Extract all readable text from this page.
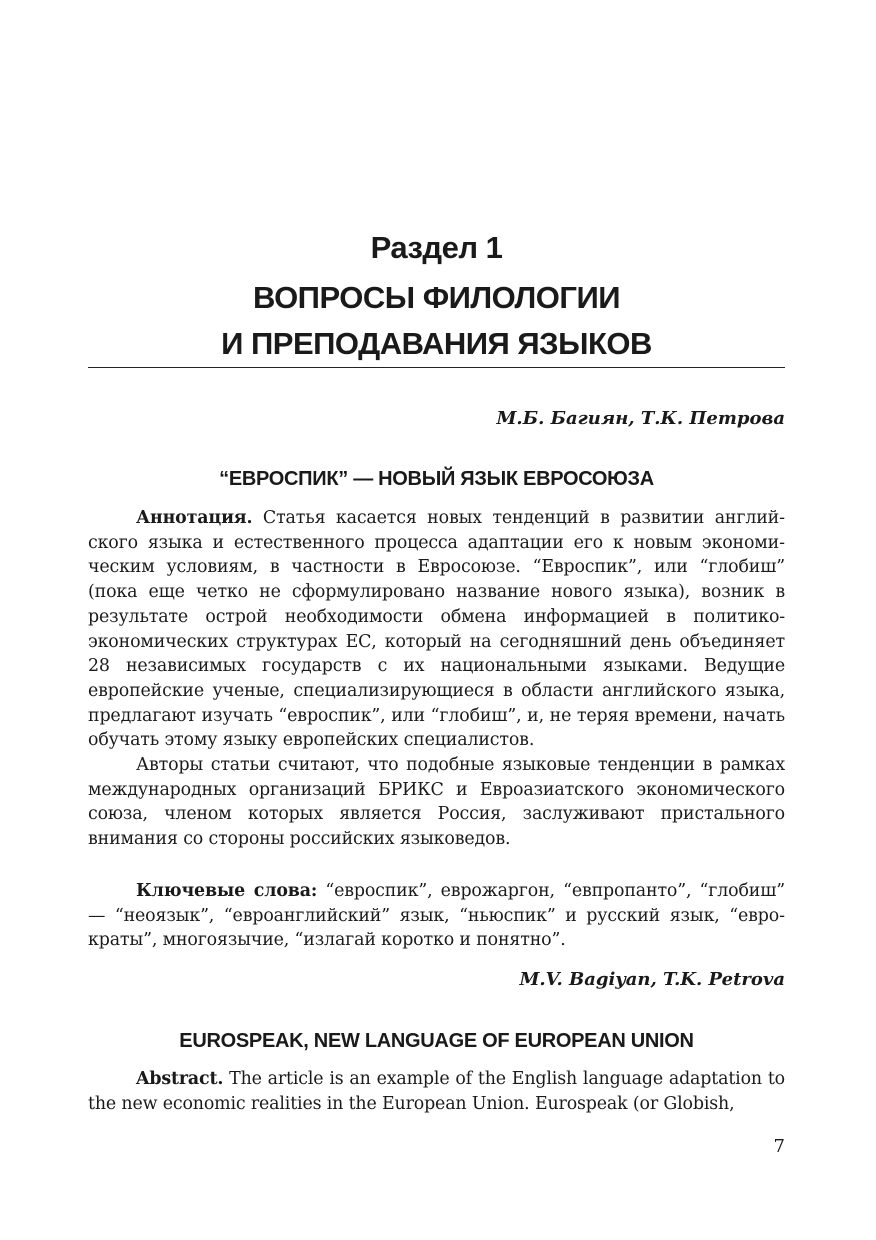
Раздел 1
ВОПРОСЫ ФИЛОЛОГИИ
И ПРЕПОДАВАНИЯ ЯЗЫКОВ
М.Б. Багиян, Т.К. Петрова
“ЕВРОСПИК” — НОВЫЙ ЯЗЫК ЕВРОСОЮЗА

Аннотация. Статья касается новых тенденций в развитии английского языка и естественного процесса адаптации его к новым экономическим условиям, в частности в Евросоюзе. “Евроспик”, или “глобиш” (пока еще четко не сформулировано название нового языка), возник в результате острой необходимости обмена информацией в политико-экономических структурах ЕС, который на сегодняшний день объединяет 28 независимых государств с их национальными языками. Ведущие европейские ученые, специализирующиеся в области английского языка, предлагают изучать “евроспик”, или “глобиш”, и, не теряя времени, начать обучать этому языку европейских специалистов.

Авторы статьи считают, что подобные языковые тенденции в рамках международных организаций БРИКС и Евроазиатского экономического союза, членом которых является Россия, заслуживают пристального внимания со стороны российских языковедов.

Ключевые слова: “евроспик”, еврожаргон, “евпропанто”, “глобиш” — “неоязык”, “евроанглийский” язык, “ньюспик” и русский язык, “еврократы”, многоязычие, “излагай коротко и понятно”.

M.V. Bagiyan, T.K. Petrova
EUROSPEAK, NEW LANGUAGE OF EUROPEAN UNION

Abstract. The article is an example of the English language adaptation to the new economic realities in the European Union. Eurospeak (or Globish,

7
